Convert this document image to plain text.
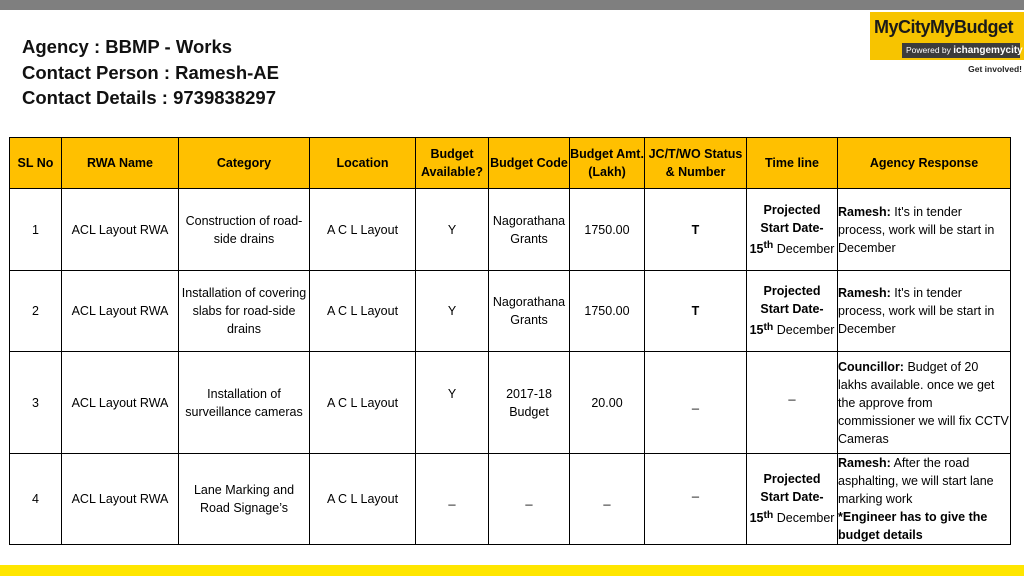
Agency : BBMP - Works
Contact Person : Ramesh-AE
Contact Details : 9739838297
MyCityMyBudget
Powered by ichangemycity
Get involved!
SL No	RWA Name	Category	Location	Budget Available?	Budget Code	Budget Amt. (Lakh)	JC/T/WO Status & Number	Time line	Agency Response
1	ACL Layout RWA	Construction of road-side drains	A C L Layout	Y	Nagorathana Grants	1750.00	T	Projected
Start Date-
15th December	Ramesh: It's in tender process, work will be start in December
2	ACL Layout RWA	Installation of covering slabs for road-side drains	A C L Layout	Y	Nagorathana Grants	1750.00	T	Projected
Start Date-
15th December	Ramesh: It's in tender process, work will be start in December
3	ACL Layout RWA	Installation of surveillance cameras	A C L Layout	Y	2017-18 Budget	20.00	_	_	Councillor: Budget of 20 lakhs available. once we get the approve from commissioner we will fix CCTV Cameras
4	ACL Layout RWA	Lane Marking and Road Signage’s	A C L Layout	_	_	_	_	Projected
Start Date-
15th December	Ramesh: After the road asphalting, we will start lane marking work
*Engineer has to give the budget details
